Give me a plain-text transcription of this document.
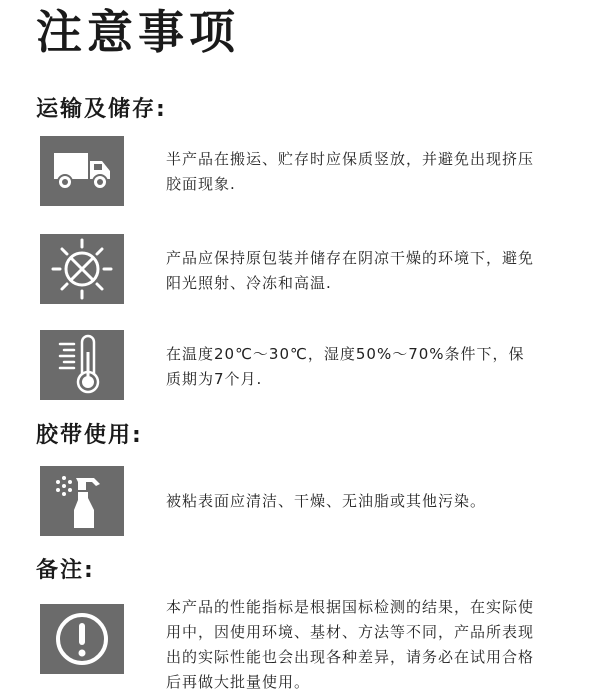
注意事项
运输及储存:

半产品在搬运、贮存时应保质竖放，并避免出现挤压胶面现象.

产品应保持原包装并储存在阴凉干燥的环境下，避免阳光照射、冷冻和高温.

在温度20℃～30℃，湿度50%～70%条件下，保质期为7个月.

胶带使用:

被粘表面应清洁、干燥、无油脂或其他污染。

备注:

本产品的性能指标是根据国标检测的结果，在实际使用中，因使用环境、基材、方法等不同，产品所表现出的实际性能也会出现各种差异，请务必在试用合格后再做大批量使用。
